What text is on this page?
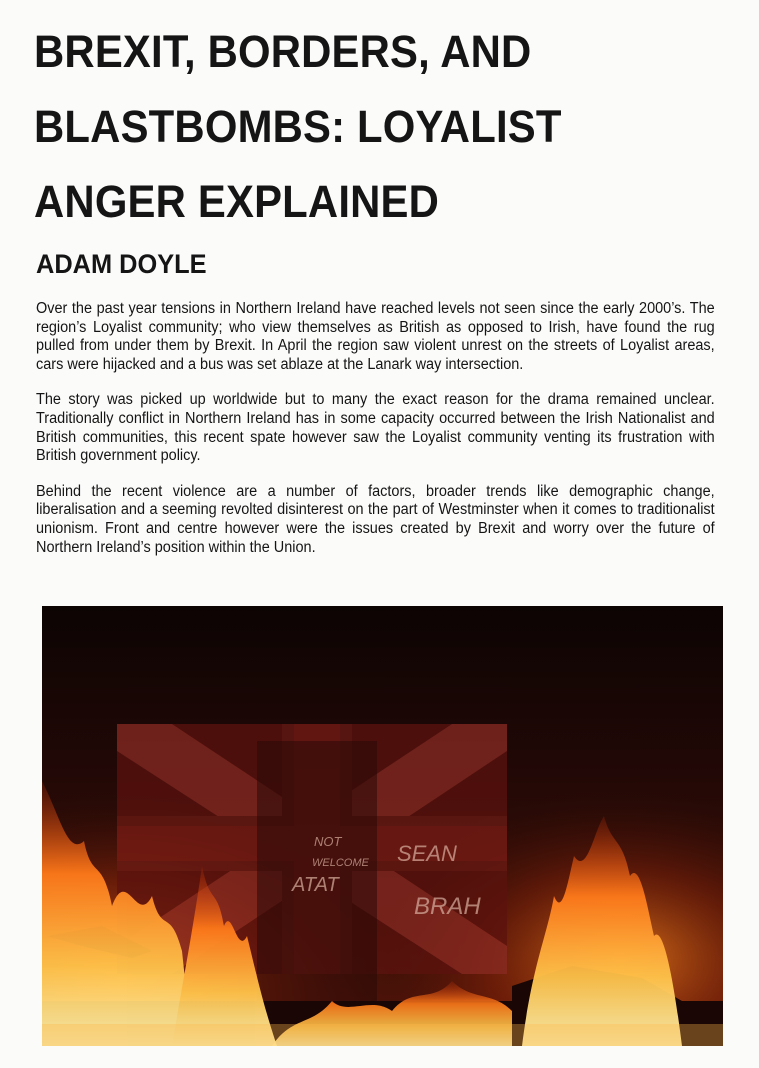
BREXIT, BORDERS, AND BLASTBOMBS: LOYALIST ANGER EXPLAINED
ADAM DOYLE

Over the past year tensions in Northern Ireland have reached levels not seen since the early 2000’s. The region’s Loyalist community; who view themselves as British as opposed to Irish, have found the rug pulled from under them by Brexit. In April the region saw violent unrest on the streets of Loyalist areas, cars were hijacked and a bus was set ablaze at the Lanark way intersection.

The story was picked up worldwide but to many the exact reason for the drama remained unclear. Traditionally conflict in Northern Ireland has in some capacity occurred between the Irish Nationalist and British communities, this recent spate however saw the Loyalist community venting its frustration with British government policy.

Behind the recent violence are a number of factors, broader trends like demographic change, liberalisation and a seeming revolted disinterest on the part of Westminster when it comes to traditionalist unionism. Front and centre however were the issues created by Brexit and worry over the future of Northern Ireland’s position within the Union.

NOT
WELCOME
ATAT
SEAN
BRAH
